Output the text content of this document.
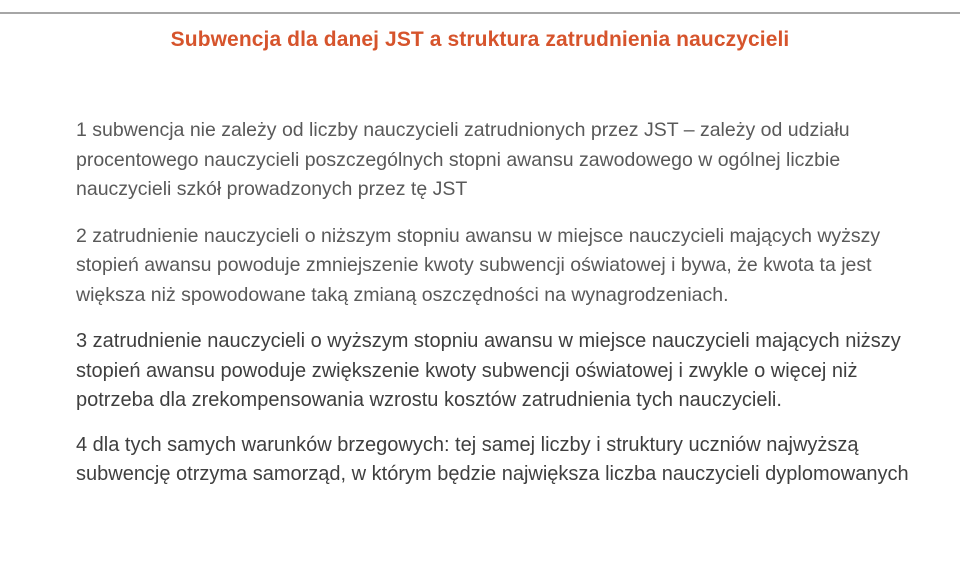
Subwencja dla danej JST a struktura zatrudnienia nauczycieli

1 subwencja nie zależy od liczby nauczycieli zatrudnionych przez JST – zależy od udziału procentowego nauczycieli poszczególnych stopni awansu zawodowego w ogólnej liczbie nauczycieli szkół prowadzonych przez tę JST

2 zatrudnienie nauczycieli o niższym stopniu awansu w miejsce nauczycieli mających wyższy stopień awansu powoduje zmniejszenie kwoty subwencji oświatowej i bywa, że kwota ta jest większa niż spowodowane taką zmianą oszczędności na wynagrodzeniach.

3 zatrudnienie nauczycieli o wyższym stopniu awansu w miejsce nauczycieli mających niższy stopień awansu powoduje zwiększenie kwoty subwencji oświatowej i zwykle o więcej niż potrzeba dla zrekompensowania wzrostu kosztów zatrudnienia tych nauczycieli.

4 dla tych samych warunków brzegowych: tej samej liczby i struktury uczniów najwyższą subwencję otrzyma samorząd, w którym będzie największa liczba nauczycieli dyplomowanych
